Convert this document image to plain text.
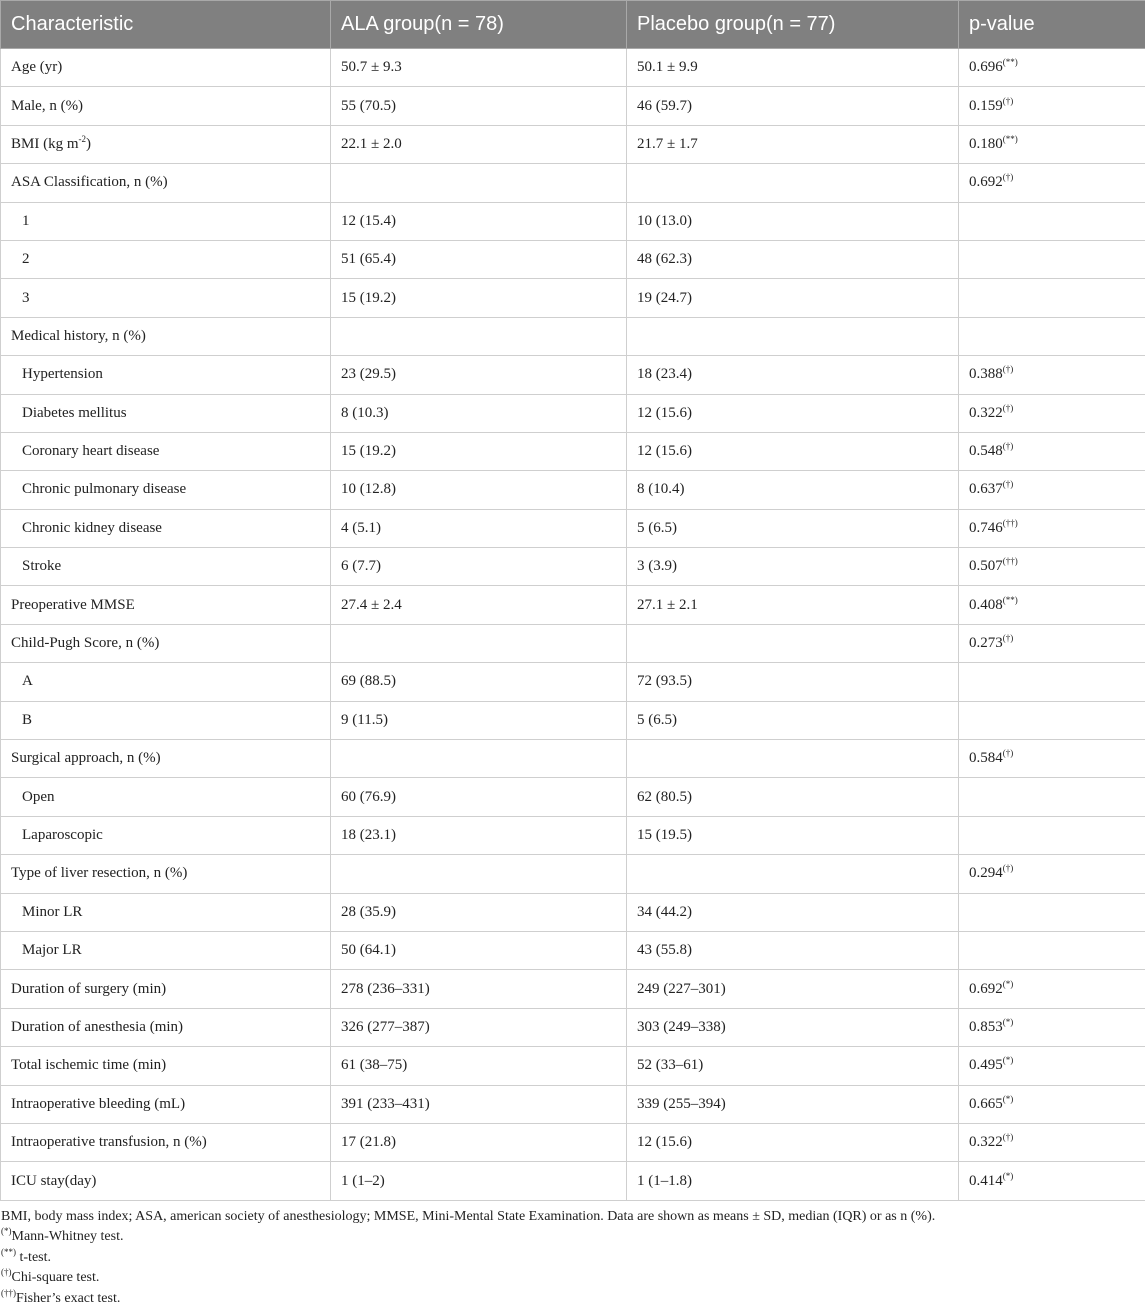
Characteristic	ALA group(n = 78)	Placebo group(n = 77)	p-value
Age (yr)	50.7 ± 9.3	50.1 ± 9.9	0.696(**)
Male, n (%)	55 (70.5)	46 (59.7)	0.159(†)
BMI (kg $m^{-2}$)	22.1 ± 2.0	21.7 ± 1.7	0.180(**)
ASA Classification, n (%)			0.692(†)
1	12 (15.4)	10 (13.0)	
2	51 (65.4)	48 (62.3)	
3	15 (19.2)	19 (24.7)	
Medical history, n (%)			
Hypertension	23 (29.5)	18 (23.4)	0.388(†)
Diabetes mellitus	8 (10.3)	12 (15.6)	0.322(†)
Coronary heart disease	15 (19.2)	12 (15.6)	0.548(†)
Chronic pulmonary disease	10 (12.8)	8 (10.4)	0.637(†)
Chronic kidney disease	4 (5.1)	5 (6.5)	0.746(††)
Stroke	6 (7.7)	3 (3.9)	0.507(††)
Preoperative MMSE	27.4 ± 2.4	27.1 ± 2.1	0.408(**)
Child-Pugh Score, n (%)			0.273(†)
A	69 (88.5)	72 (93.5)	
B	9 (11.5)	5 (6.5)	
Surgical approach, n (%)			0.584(†)
Open	60 (76.9)	62 (80.5)	
Laparoscopic	18 (23.1)	15 (19.5)	
Type of liver resection, n (%)			0.294(†)
Minor LR	28 (35.9)	34 (44.2)	
Major LR	50 (64.1)	43 (55.8)	
Duration of surgery (min)	278 (236–331)	249 (227–301)	0.692(*)
Duration of anesthesia (min)	326 (277–387)	303 (249–338)	0.853(*)
Total ischemic time (min)	61 (38–75)	52 (33–61)	0.495(*)
Intraoperative bleeding (mL)	391 (233–431)	339 (255–394)	0.665(*)
Intraoperative transfusion, n (%)	17 (21.8)	12 (15.6)	0.322(†)
ICU stay(day)	1 (1–2)	1 (1–1.8)	0.414(*)
BMI, body mass index; ASA, american society of anesthesiology; MMSE, Mini-Mental State Examination. Data are shown as means ± SD, median (IQR) or as n (%).
(*)Mann-Whitney test.
(**) t-test.
(†)Chi-square test.
(††)Fisher’s exact test.
